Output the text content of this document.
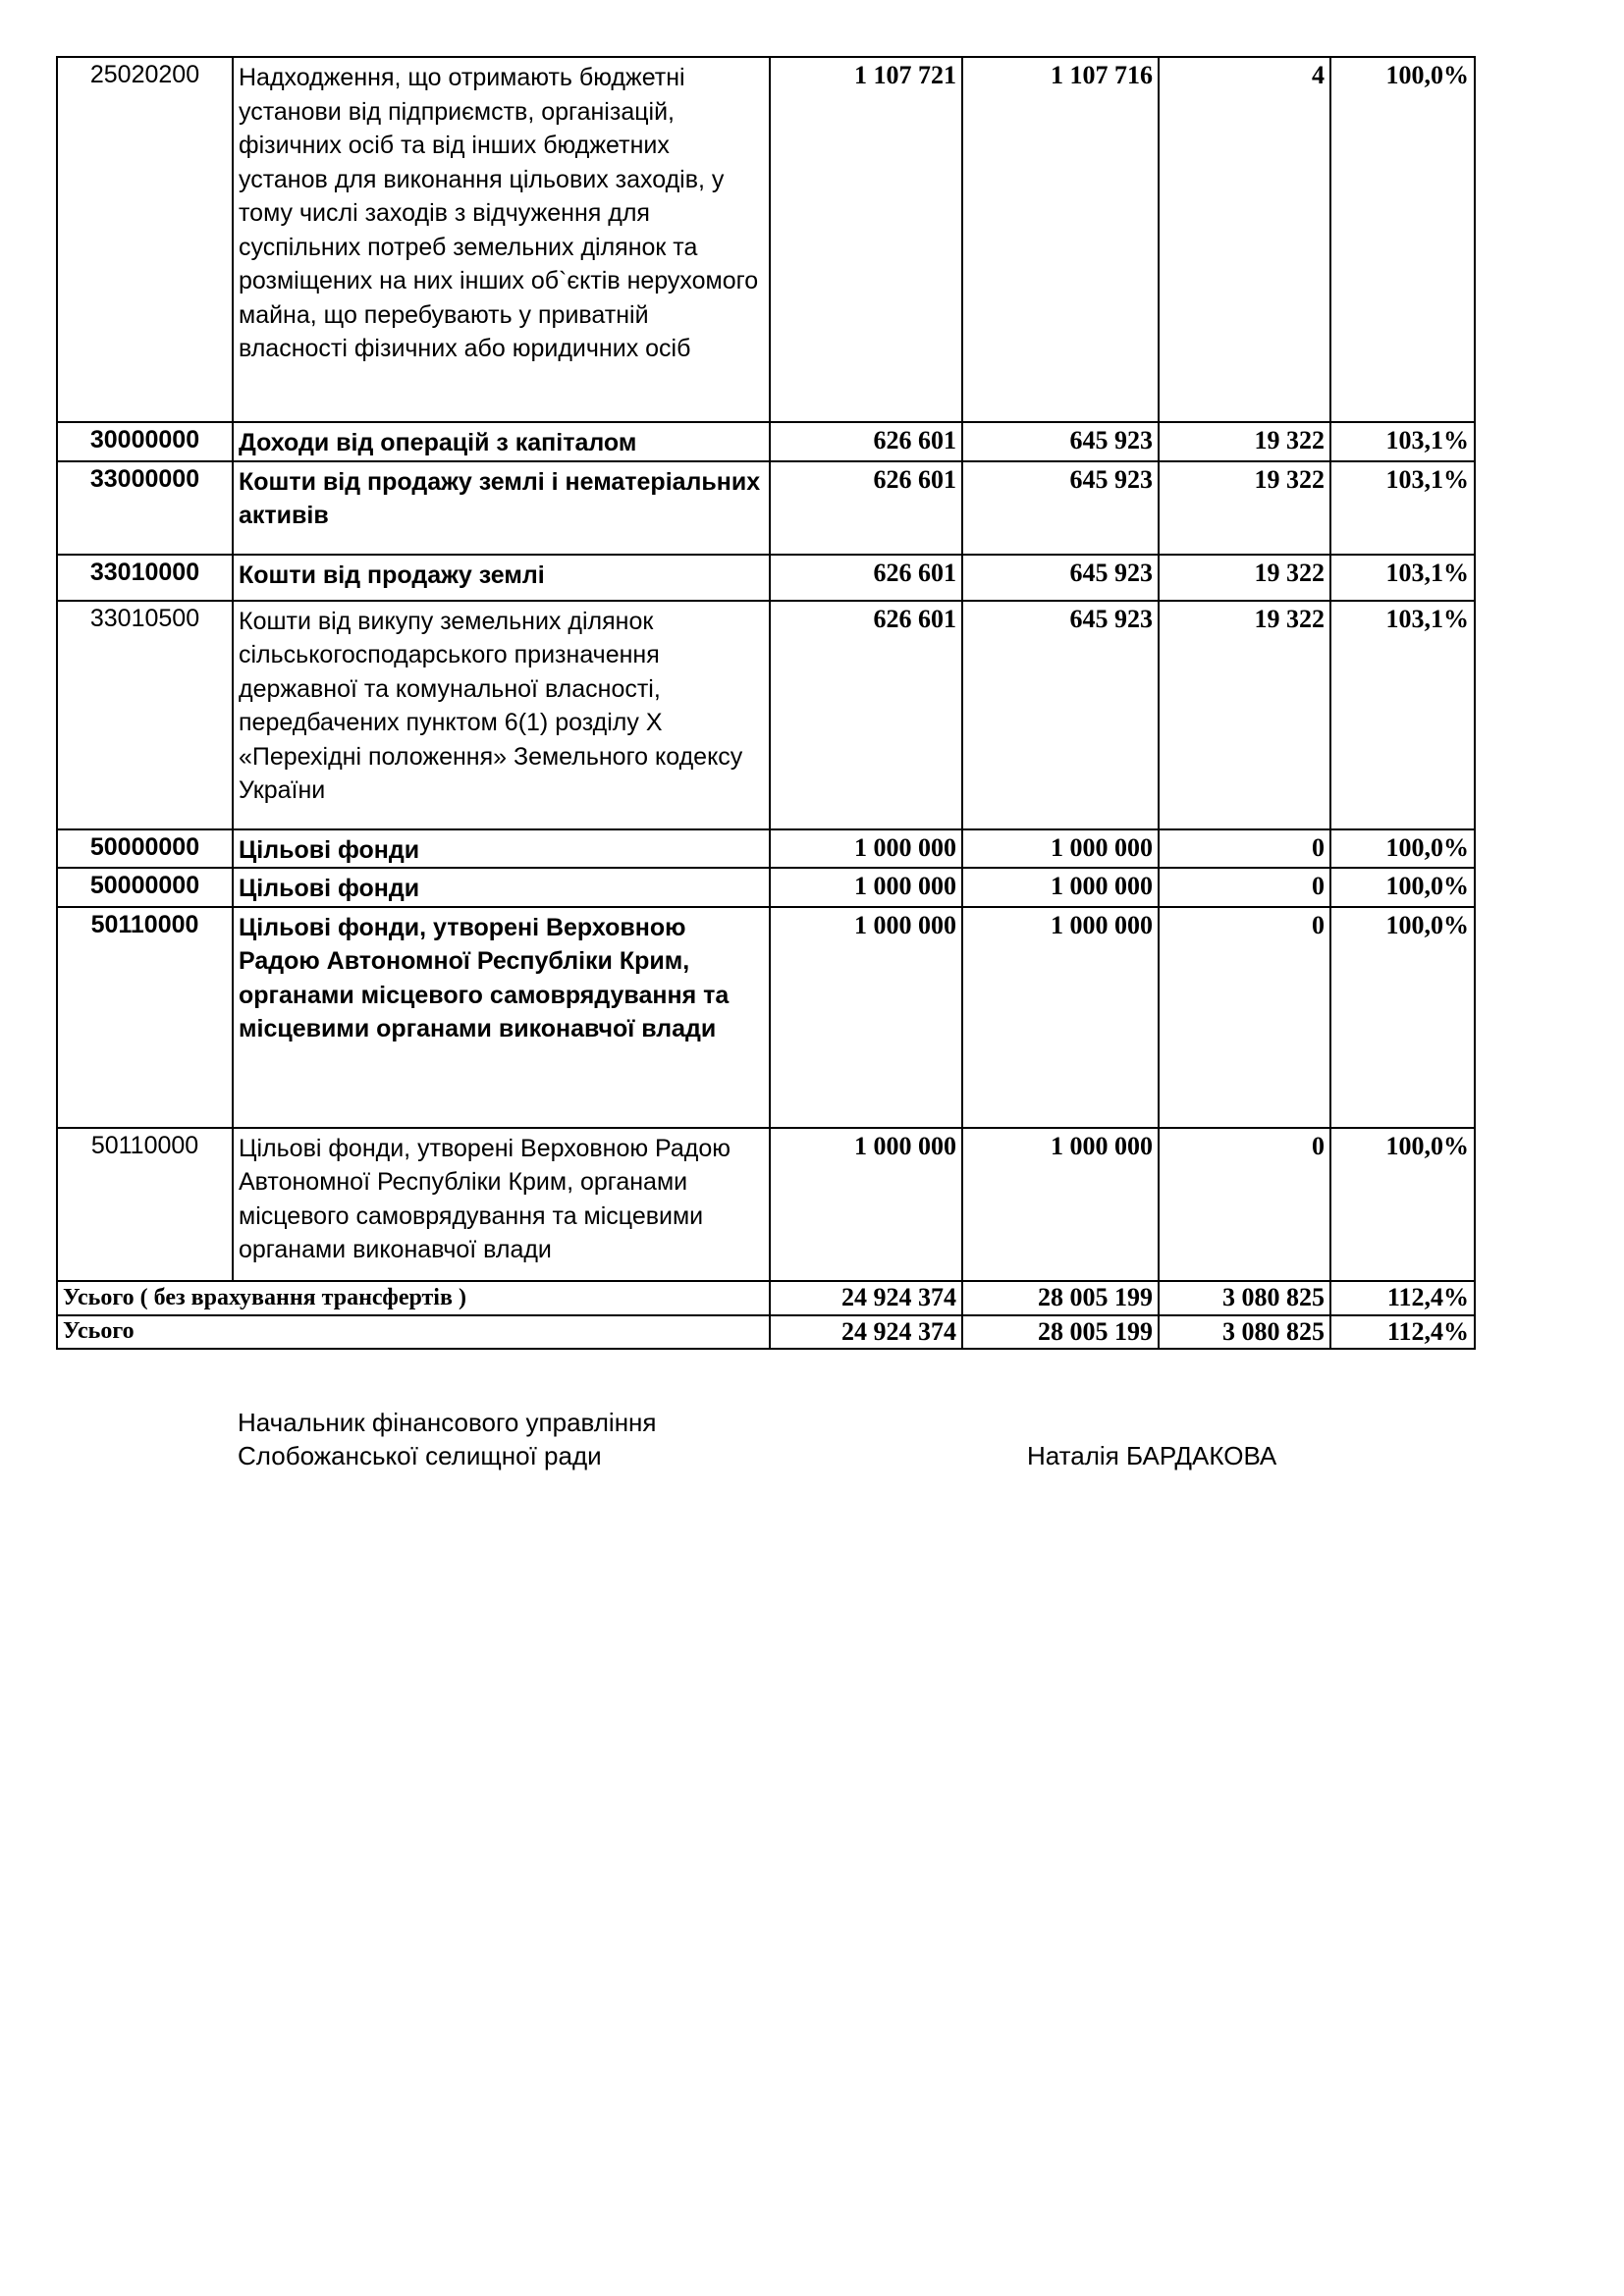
25020200	Надходження, що отримають бюджетні установи від підприємств, організацій, фізичних осіб та від інших бюджетних установ для виконання цільових заходів, у тому числі заходів з відчуження для суспільних потреб земельних ділянок та розміщених на них інших об`єктів нерухомого майна, що перебувають у приватній власності фізичних або юридичних осіб	1 107 721	1 107 716	4	100,0%
30000000	Доходи від операцій з капіталом	626 601	645 923	19 322	103,1%
33000000	Кошти від продажу землі і нематеріальних активів	626 601	645 923	19 322	103,1%
33010000	Кошти від продажу землі	626 601	645 923	19 322	103,1%
33010500	Кошти від викупу земельних ділянок сільськогосподарського призначення державної та комунальної власності, передбачених пунктом 6(1) розділу Х «Перехідні положення» Земельного кодексу України	626 601	645 923	19 322	103,1%
50000000	Цільові фонди	1 000 000	1 000 000	0	100,0%
50000000	Цільові фонди	1 000 000	1 000 000	0	100,0%
50110000	Цільові фонди, утворені Верховною Радою Автономної Республіки Крим, органами місцевого самоврядування та місцевими органами виконавчої влади	1 000 000	1 000 000	0	100,0%
50110000	Цільові фонди, утворені Верховною Радою Автономної Республіки Крим, органами місцевого самоврядування та місцевими органами виконавчої влади	1 000 000	1 000 000	0	100,0%
Усього ( без врахування трансфертів )		24 924 374	28 005 199	3 080 825	112,4%
Усього		24 924 374	28 005 199	3 080 825	112,4%
Начальник фінансового управління
Слобожанської селищної ради	Наталія БАРДАКОВА
